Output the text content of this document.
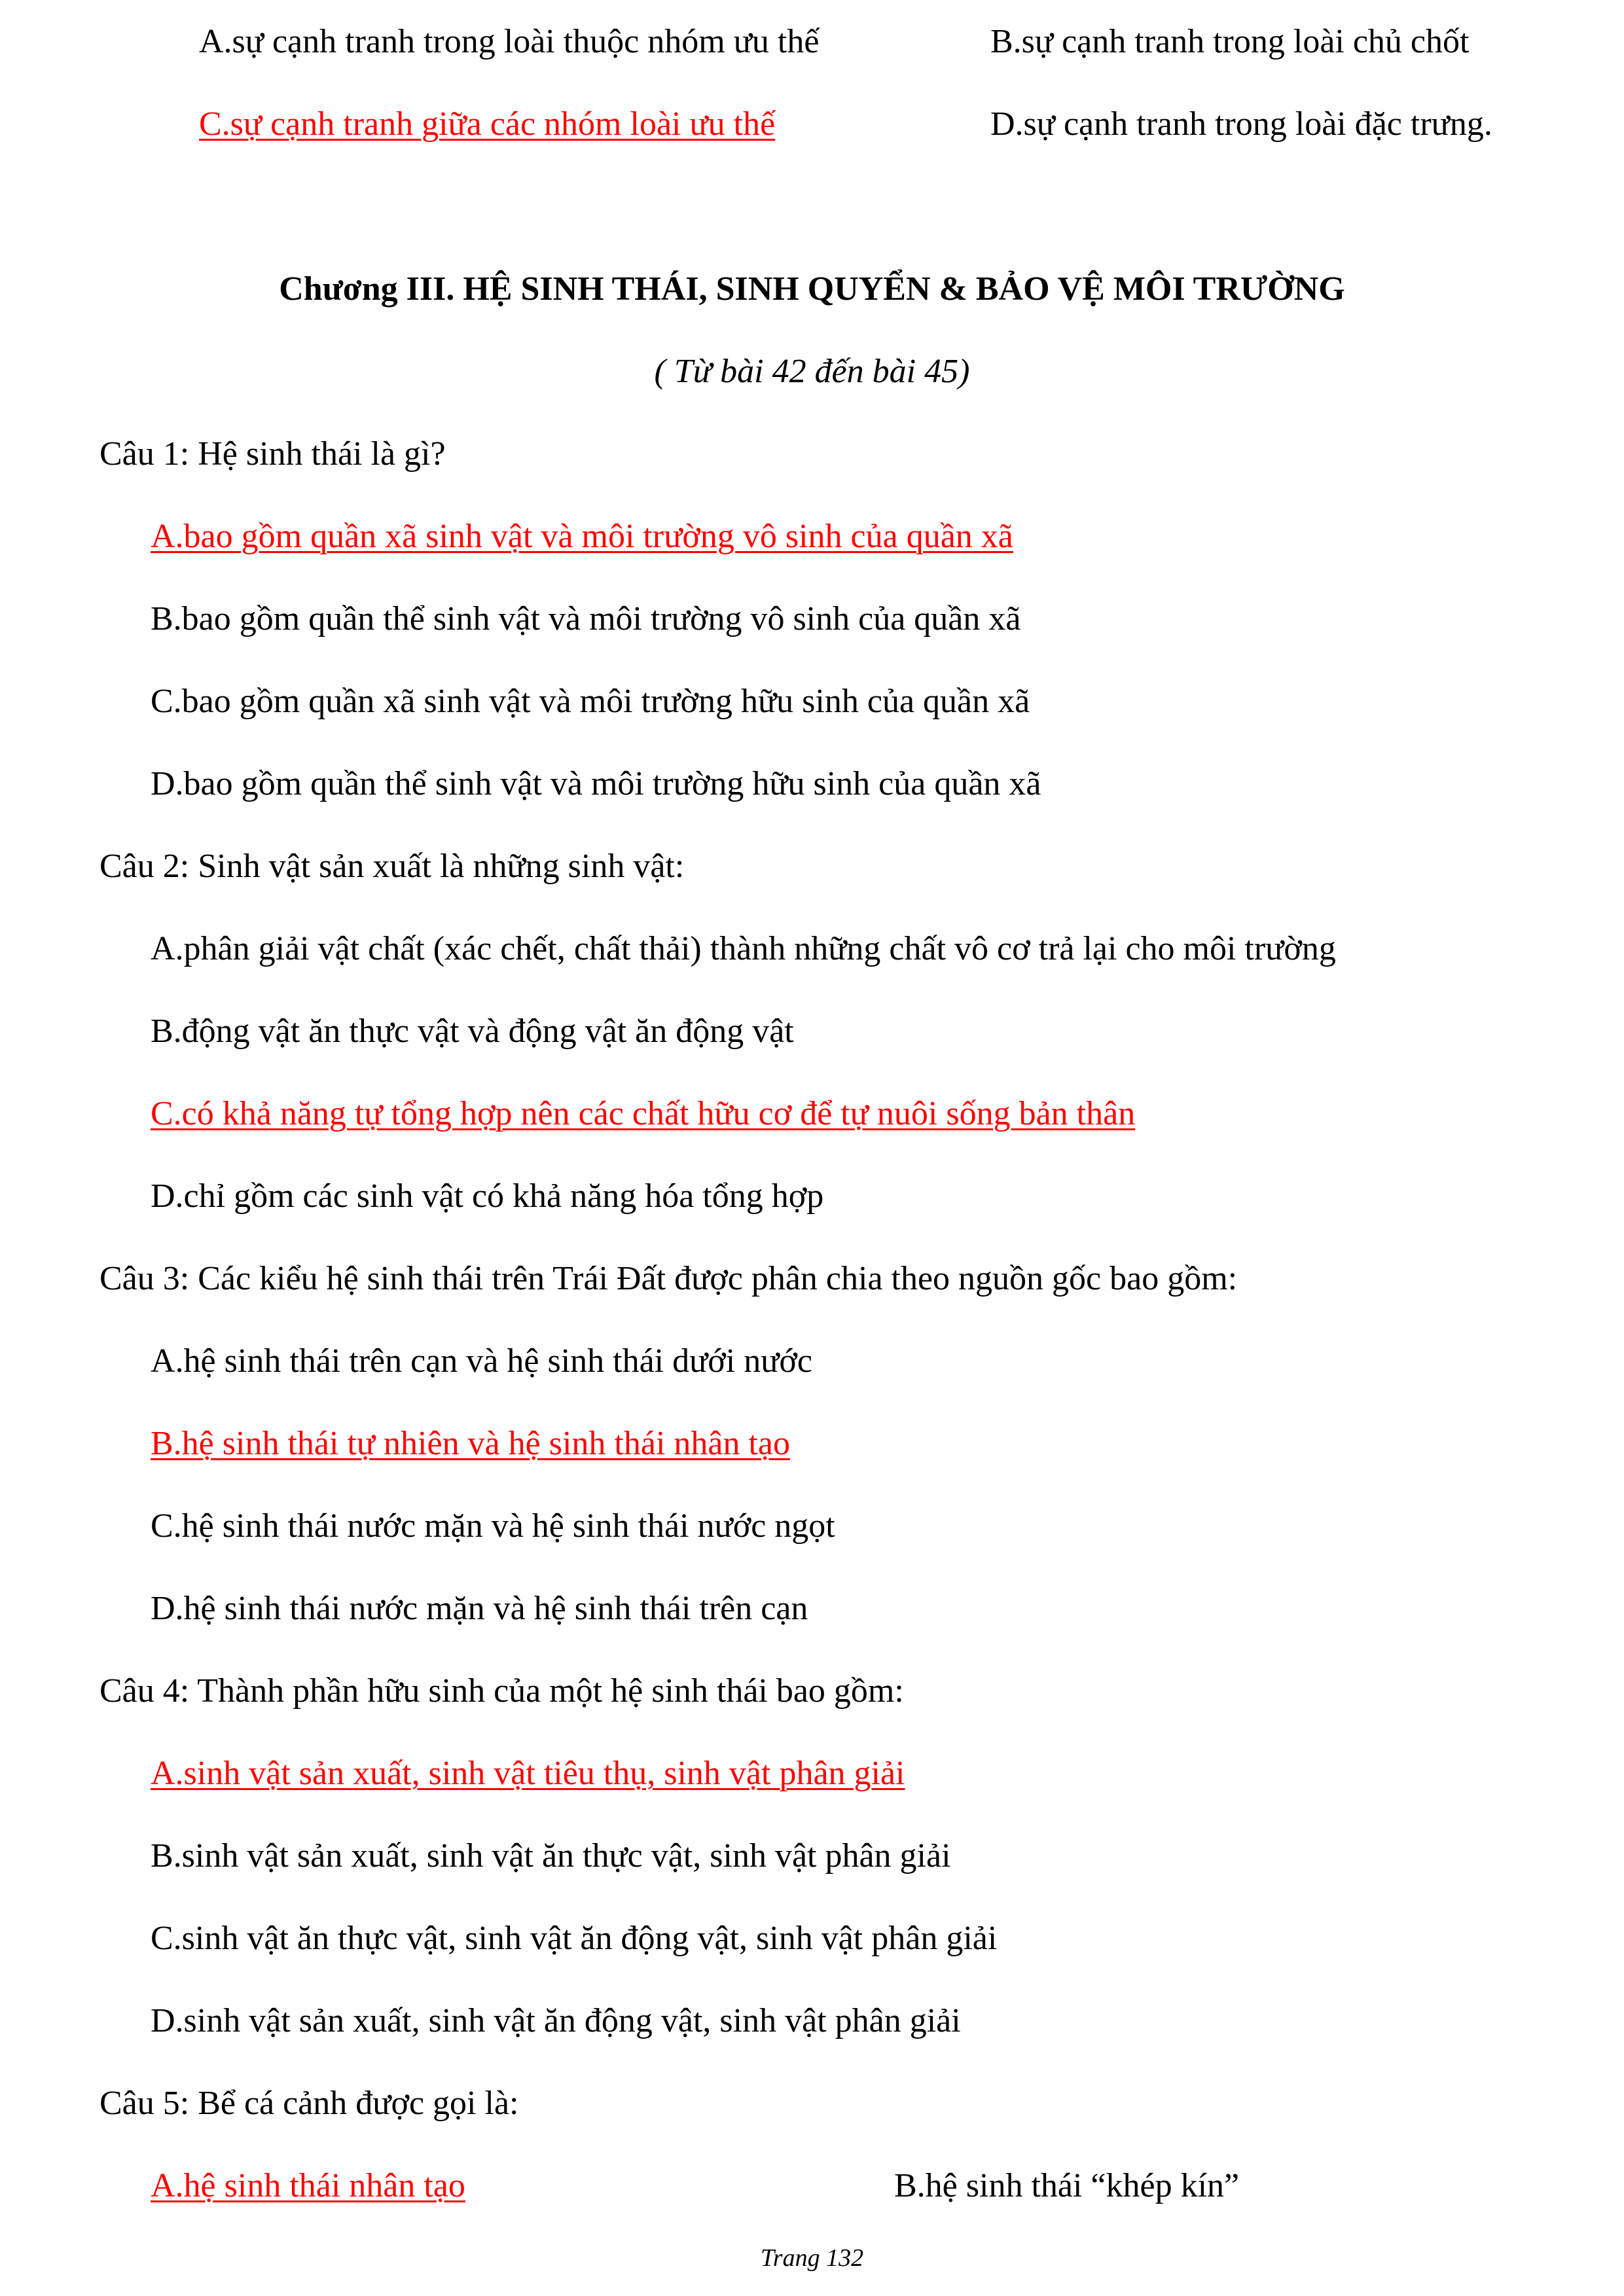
A.sự cạnh tranh trong loài thuộc nhóm ưu thế	B.sự cạnh tranh trong loài chủ chốt
C.sự cạnh tranh giữa các nhóm loài ưu thế	D.sự cạnh tranh trong loài đặc trưng.
Chương III. HỆ SINH THÁI, SINH QUYỂN & BẢO VỆ MÔI TRƯỜNG
( Từ bài 42 đến bài 45)
Câu 1: Hệ sinh thái là gì?
A.bao gồm quần xã sinh vật và môi trường vô sinh của quần xã
B.bao gồm quần thể sinh vật và môi trường vô sinh của quần xã
C.bao gồm quần xã sinh vật và môi trường hữu sinh của quần xã
D.bao gồm quần thể sinh vật và môi trường hữu sinh của quần xã
Câu 2: Sinh vật sản xuất là những sinh vật:
A.phân giải vật chất (xác chết, chất thải) thành những chất vô cơ trả lại cho môi trường
B.động vật ăn thực vật và động vật ăn động vật
C.có khả năng tự tổng hợp nên các chất hữu cơ để tự nuôi sống bản thân
D.chỉ gồm các sinh vật có khả năng hóa tổng hợp
Câu 3: Các kiểu hệ sinh thái trên Trái Đất được phân chia theo nguồn gốc bao gồm:
A.hệ sinh thái trên cạn và hệ sinh thái dưới nước
B.hệ sinh thái tự nhiên và hệ sinh thái nhân tạo
C.hệ sinh thái nước mặn và hệ sinh thái nước ngọt
D.hệ sinh thái nước mặn và hệ sinh thái trên cạn
Câu 4: Thành phần hữu sinh của một hệ sinh thái bao gồm:
A.sinh vật sản xuất, sinh vật tiêu thụ, sinh vật phân giải
B.sinh vật sản xuất, sinh vật ăn thực vật, sinh vật phân giải
C.sinh vật ăn thực vật, sinh vật ăn động vật, sinh vật phân giải
D.sinh vật sản xuất, sinh vật ăn động vật, sinh vật phân giải
Câu 5: Bể cá cảnh được gọi là:
A.hệ sinh thái nhân tạo	B.hệ sinh thái “khép kín”
Trang 132
